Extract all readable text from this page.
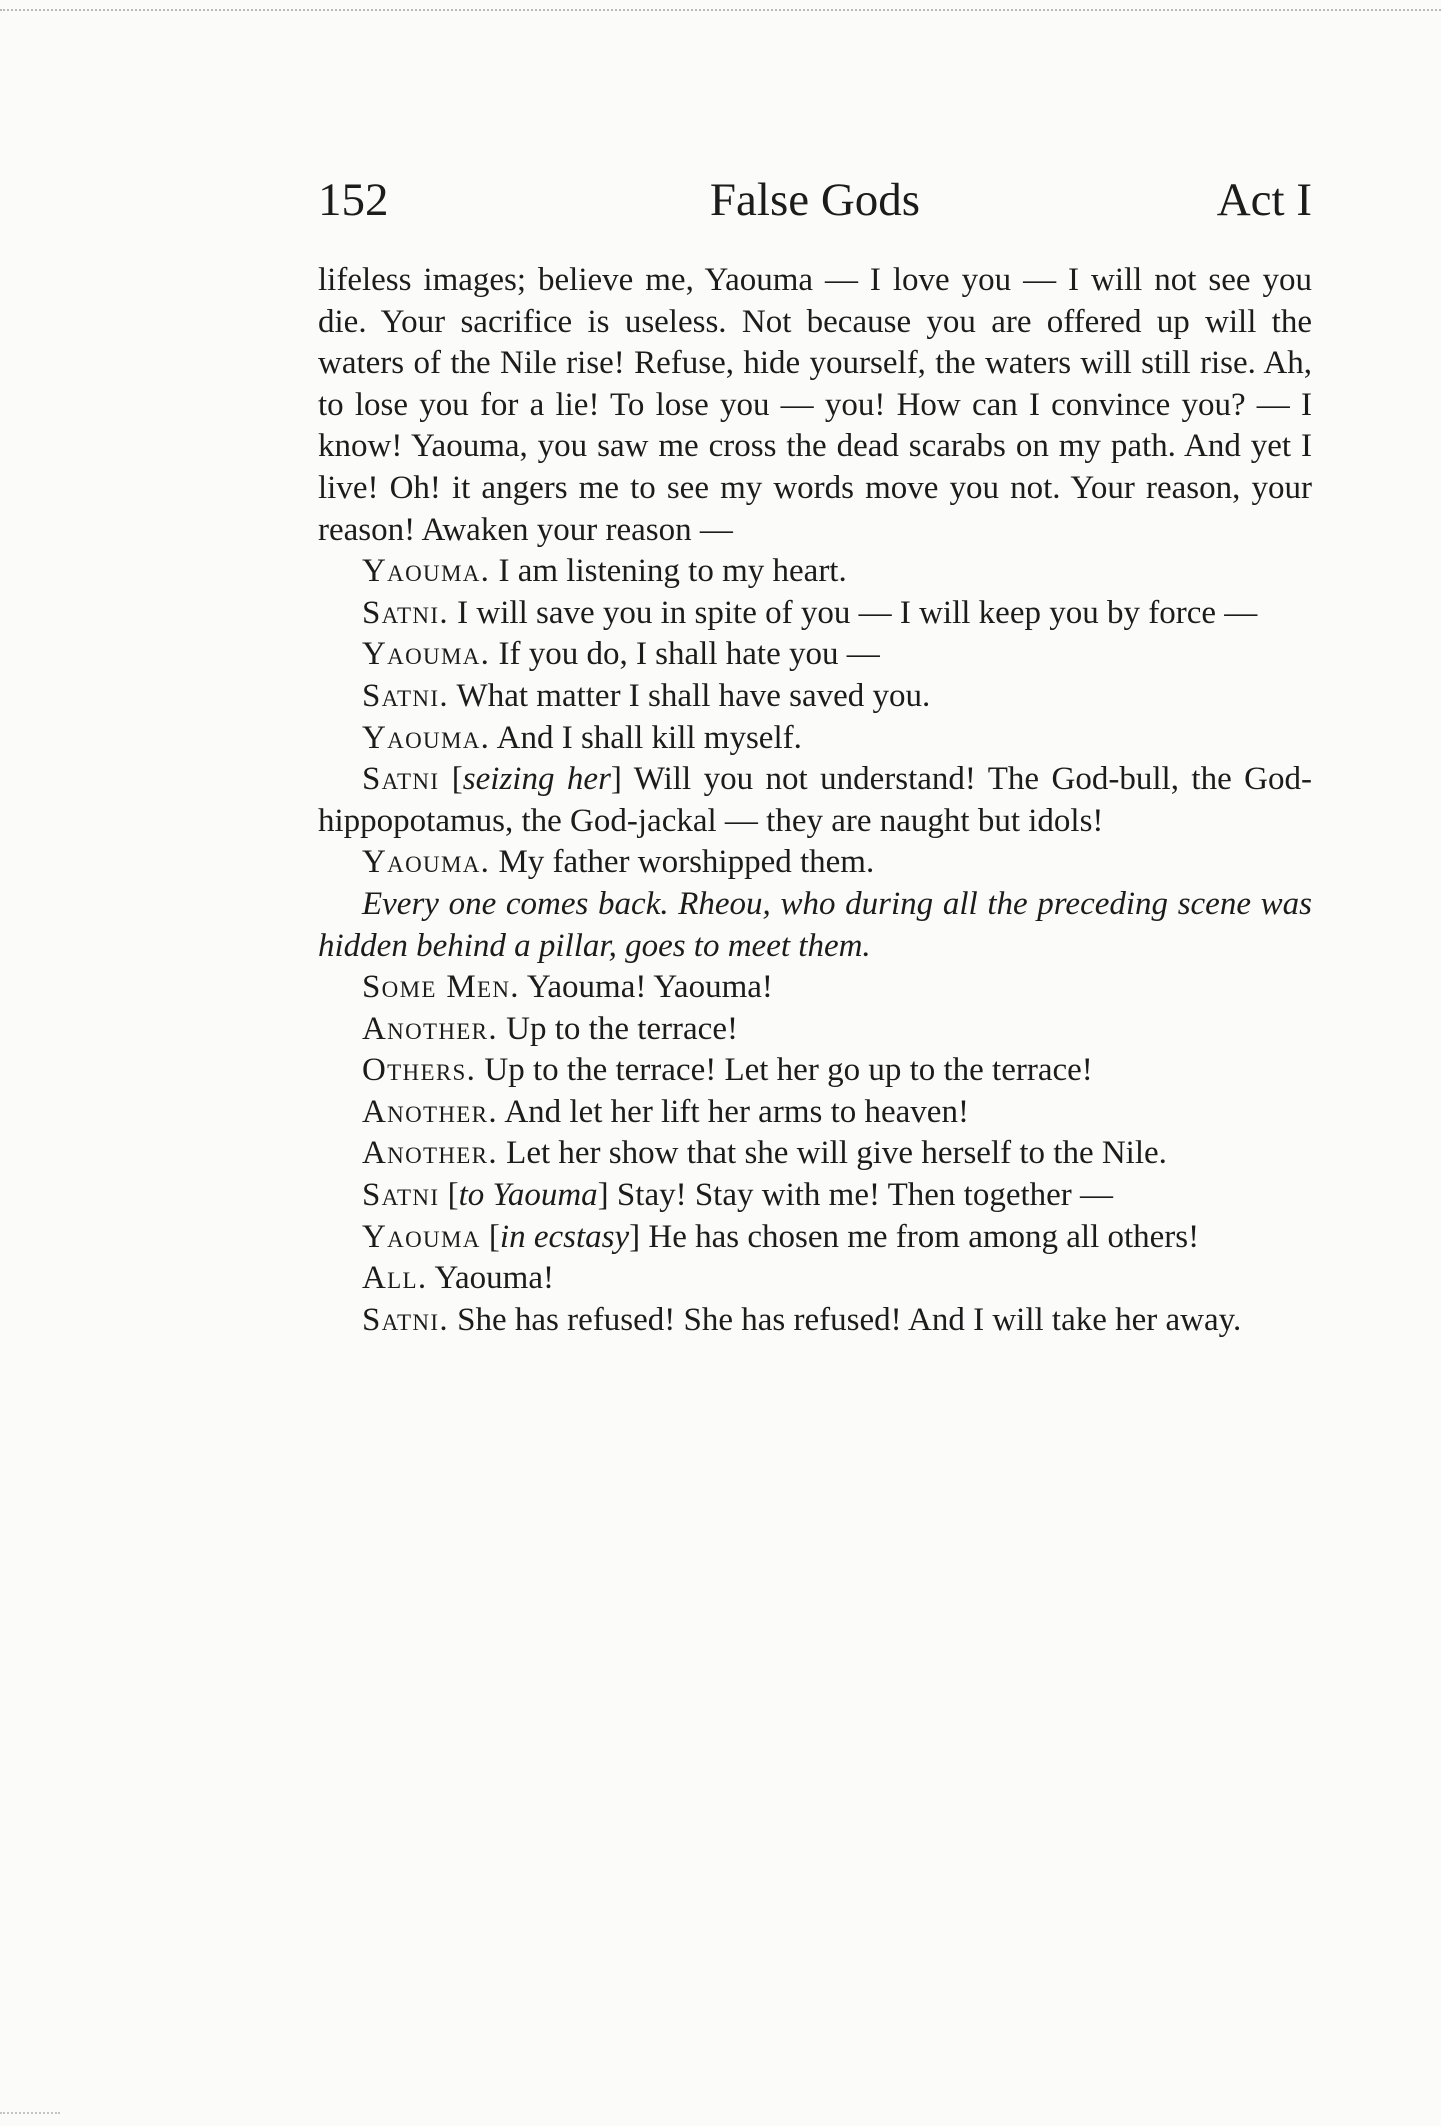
152	False Gods	Act I

lifeless images; believe me, Yaouma — I love you — I will not see you die. Your sacrifice is useless. Not because you are offered up will the waters of the Nile rise! Refuse, hide yourself, the waters will still rise. Ah, to lose you for a lie! To lose you — you! How can I convince you? — I know! Yaouma, you saw me cross the dead scarabs on my path. And yet I live! Oh! it angers me to see my words move you not. Your reason, your reason! Awaken your reason —

Yaouma. I am listening to my heart.

Satni. I will save you in spite of you — I will keep you by force —

Yaouma. If you do, I shall hate you —

Satni. What matter I shall have saved you.

Yaouma. And I shall kill myself.

Satni [seizing her] Will you not understand! The God-bull, the God-hippopotamus, the God-jackal — they are naught but idols!

Yaouma. My father worshipped them.

Every one comes back. Rheou, who during all the preceding scene was hidden behind a pillar, goes to meet them.

Some Men. Yaouma! Yaouma!

Another. Up to the terrace!

Others. Up to the terrace! Let her go up to the terrace!

Another. And let her lift her arms to heaven!

Another. Let her show that she will give herself to the Nile.

Satni [to Yaouma] Stay! Stay with me! Then together —

Yaouma [in ecstasy] He has chosen me from among all others!

All. Yaouma!

Satni. She has refused! She has refused! And I will take her away.
